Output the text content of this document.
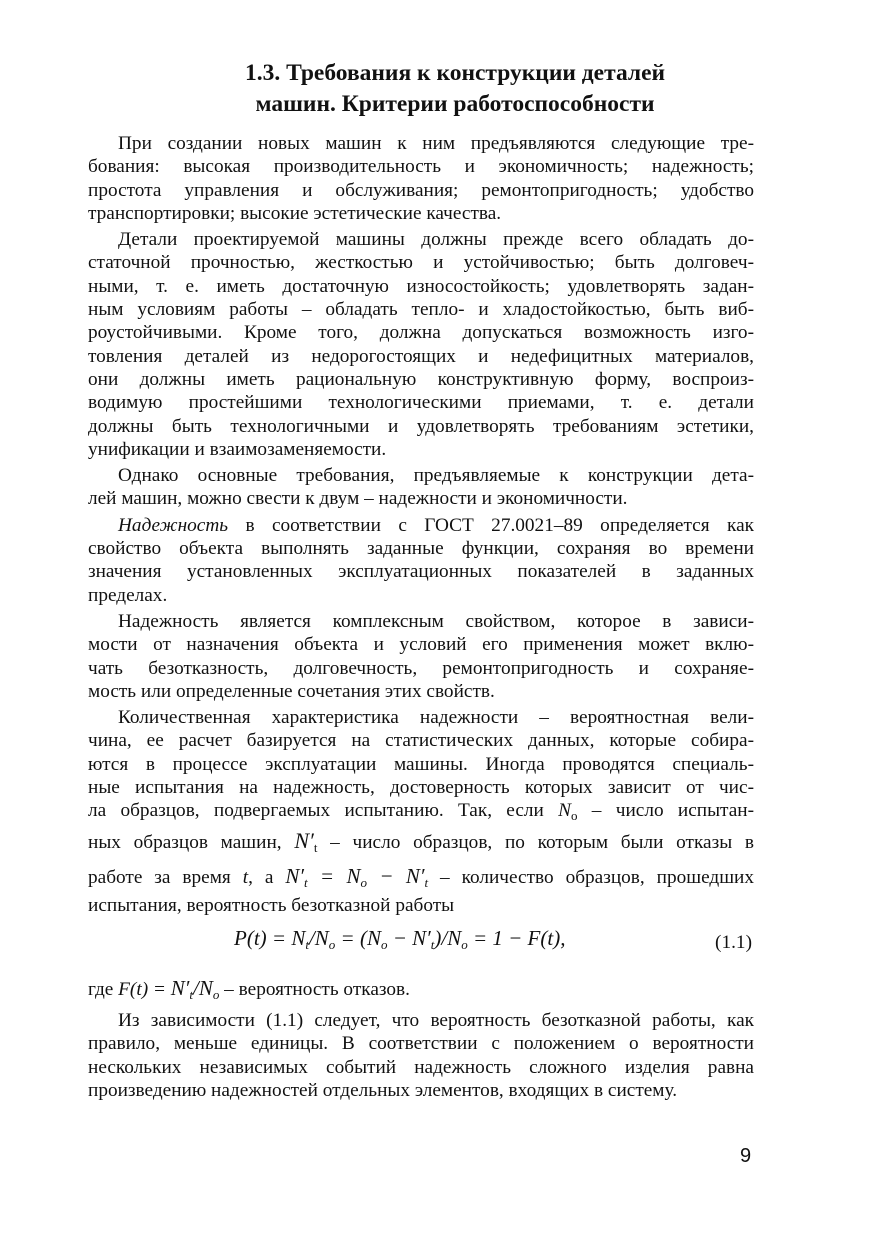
1.3. Требования к конструкции деталей
машин. Критерии работоспособности
При создании новых машин к ним предъявляются следующие тре-
бования: высокая производительность и экономичность; надежность;
простота управления и обслуживания; ремонтопригодность; удобство
транспортировки; высокие эстетические качества.
Детали проектируемой машины должны прежде всего обладать до-
статочной прочностью, жесткостью и устойчивостью; быть долговеч-
ными, т. е. иметь достаточную износостойкость; удовлетворять задан-
ным условиям работы – обладать тепло- и хладостойкостью, быть виб-
роустойчивыми. Кроме того, должна допускаться возможность изго-
товления деталей из недорогостоящих и недефицитных материалов,
они должны иметь рациональную конструктивную форму, воспроиз-
водимую простейшими технологическими приемами, т. е. детали
должны быть технологичными и удовлетворять требованиям эстетики,
унификации и взаимозаменяемости.
Однако основные требования, предъявляемые к конструкции дета-
лей машин, можно свести к двум – надежности и экономичности.
Надежность в соответствии с ГОСТ 27.0021–89 определяется как
свойство объекта выполнять заданные функции, сохраняя во времени
значения установленных эксплуатационных показателей в заданных
пределах.
Надежность является комплексным свойством, которое в зависи-
мости от назначения объекта и условий его применения может вклю-
чать безотказность, долговечность, ремонтопригодность и сохраняе-
мость или определенные сочетания этих свойств.
Количественная характеристика надежности – вероятностная вели-
чина, ее расчет базируется на статистических данных, которые собира-
ются в процессе эксплуатации машины. Иногда проводятся специаль-
ные испытания на надежность, достоверность которых зависит от чис-
ла образцов, подвергаемых испытанию. Так, если $N_o$ – число испытан-
ных образцов машин, $N'_t$ – число образцов, по которым были отказы в
работе за время t, а $N'_t = N_o - N'_t$ – количество образцов, прошедших
испытания, вероятность безотказной работы
$P(t) = N_t/N_o = (N_o - N'_t)/N_o = 1 - F(t)$,	(1.1)
где $F(t) = N'_t/N_o$ – вероятность отказов.
Из зависимости (1.1) следует, что вероятность безотказной работы, как
правило, меньше единицы. В соответствии с положением о вероятности
нескольких независимых событий надежность сложного изделия равна
произведению надежностей отдельных элементов, входящих в систему.
9
